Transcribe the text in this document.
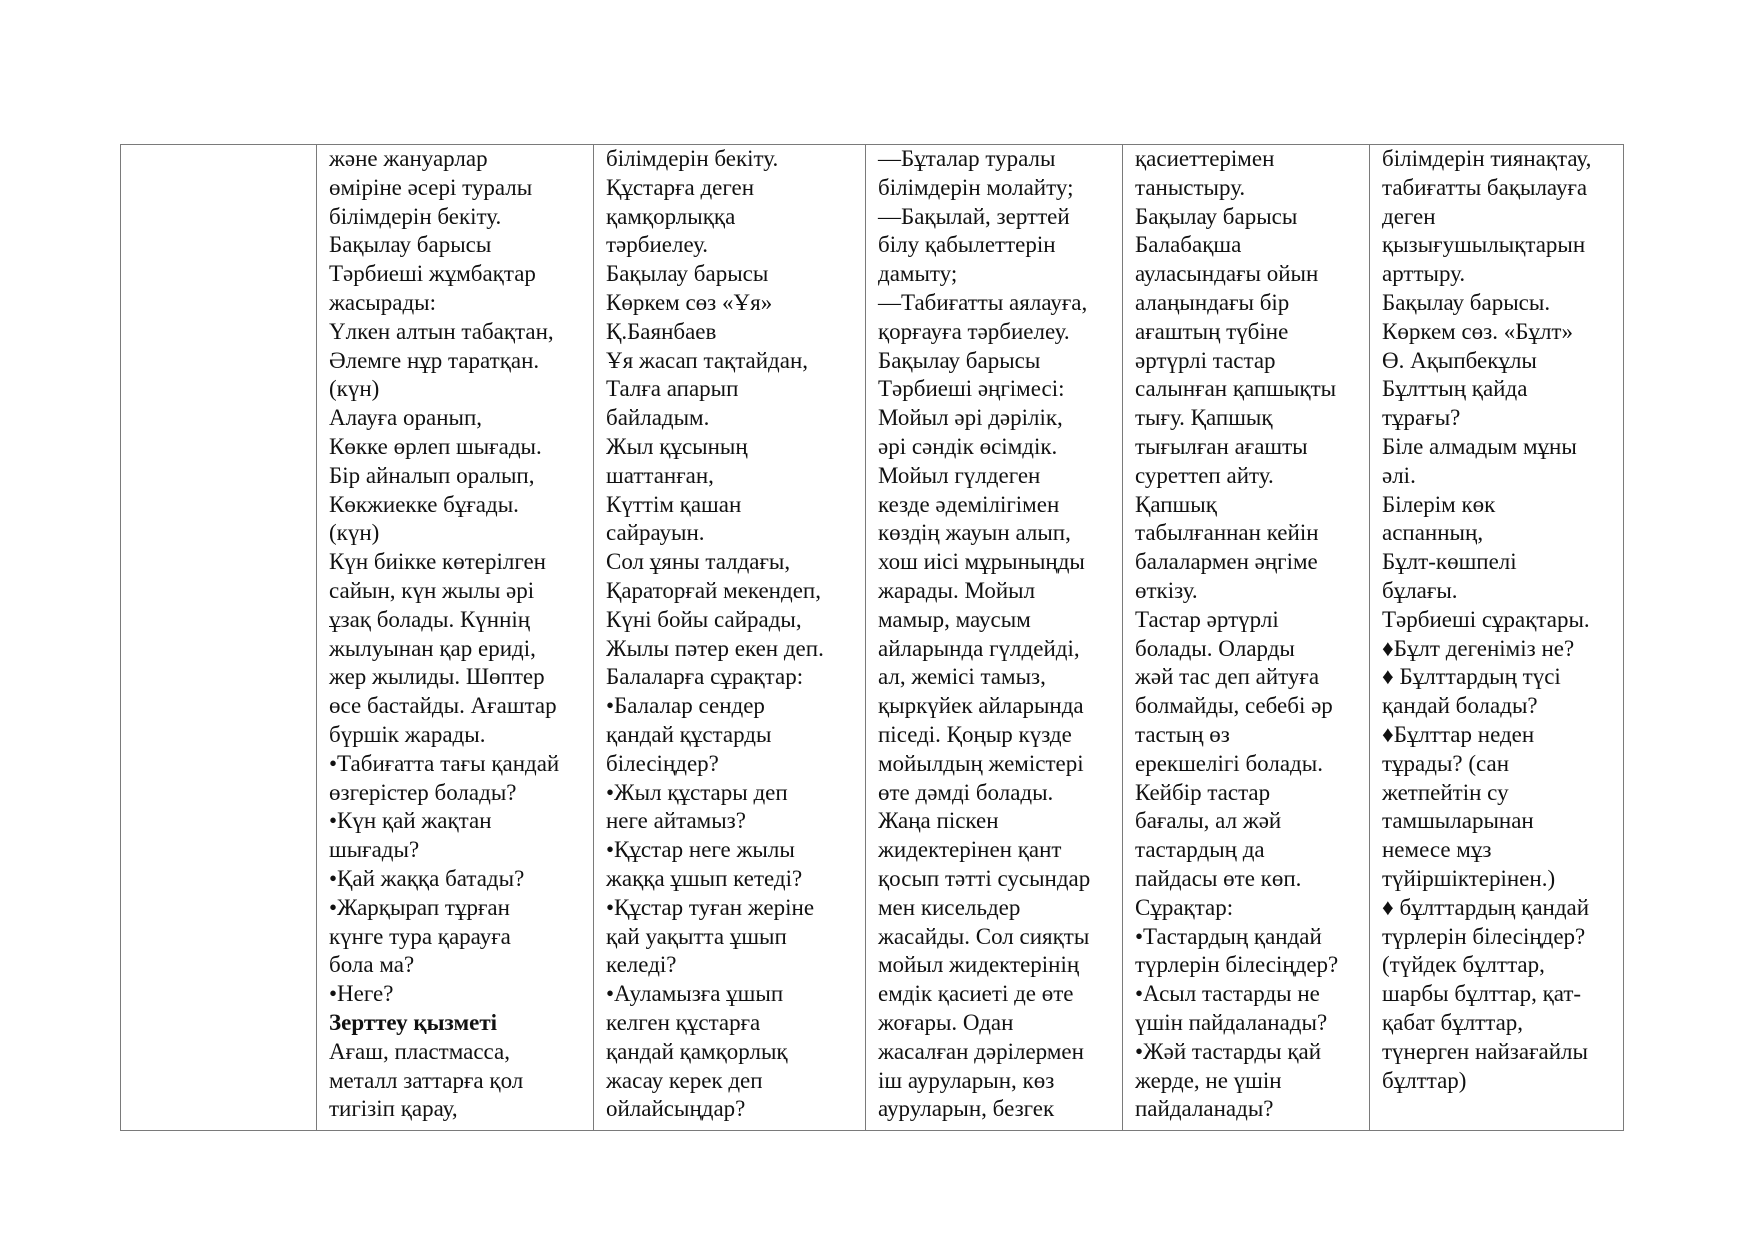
және жануарлар
өміріне әсері туралы
білімдерін бекіту.
Бақылау барысы
Тәрбиеші жұмбақтар
жасырады:
Үлкен алтын табақтан,
Әлемге нұр таратқан.
(күн)
Алауға оранып,
Көкке өрлеп шығады.
Бір айналып оралып,
Көкжиекке бұғады.
(күн)
Күн биікке көтерілген
сайын, күн жылы әрі
ұзақ болады. Күннің
жылуынан қар ериді,
жер жылиды. Шөптер
өсе бастайды. Ағаштар
бүршік жарады.
•Табиғатта тағы қандай
өзгерістер болады?
•Күн қай жақтан
шығады?
•Қай жаққа батады?
•Жарқырап тұрған
күнге тура қарауға
бола ма?
•Неге?
Зерттеу қызметі
Ағаш, пластмасса,
металл заттарға қол
тигізіп қарау,

білімдерін бекіту.
Құстарға деген
қамқорлыққа
тәрбиелеу.
Бақылау барысы
Көркем сөз «Ұя»
Қ.Баянбаев
Ұя жасап тақтайдан,
Талға апарып
байладым.
Жыл құсының
шаттанған,
Күттім қашан
сайрауын.
Сол ұяны талдағы,
Қараторғай мекендеп,
Күні бойы сайрады,
Жылы пәтер екен деп.
Балаларға сұрақтар:
•Балалар сендер
қандай құстарды
білесіңдер?
•Жыл құстары деп
неге айтамыз?
•Құстар неге жылы
жаққа ұшып кетеді?
•Құстар туған жеріне
қай уақытта ұшып
келеді?
•Ауламызға ұшып
келген құстарға
қандай қамқорлық
жасау керек деп
ойлайсыңдар?

—Бұталар туралы
білімдерін молайту;
—Бақылай, зерттей
білу қабылеттерін
дамыту;
—Табиғатты аялауға,
қорғауға тәрбиелеу.
Бақылау барысы
Тәрбиеші әңгімесі:
Мойыл әрі дәрілік,
әрі сәндік өсімдік.
Мойыл гүлдеген
кезде әдемілігімен
көздің жауын алып,
хош иісі мұрыныңды
жарады. Мойыл
мамыр, маусым
айларында гүлдейді,
ал, жемісі тамыз,
қыркүйек айларында
піседі. Қоңыр күзде
мойылдың жемістері
өте дәмді болады.
Жаңа піскен
жидектерінен қант
қосып тәтті сусындар
мен кисельдер
жасайды. Сол сияқты
мойыл жидектерінің
емдік қасиеті де өте
жоғары. Одан
жасалған дәрілермен
іш ауруларын, көз
ауруларын, безгек

қасиеттерімен
таныстыру.
Бақылау барысы
Балабақша
ауласындағы ойын
алаңындағы бір
ағаштың түбіне
әртүрлі тастар
салынған қапшықты
тығу. Қапшық
тығылған ағашты
суреттеп айту.
Қапшық
табылғаннан кейін
балалармен әңгіме
өткізу.
Тастар әртүрлі
болады. Оларды
жәй тас деп айтуға
болмайды, себебі әр
тастың өз
ерекшелігі болады.
Кейбір тастар
бағалы, ал жәй
тастардың да
пайдасы өте көп.
Сұрақтар:
•Тастардың қандай
түрлерін білесіңдер?
•Асыл тастарды не
үшін пайдаланады?
•Жәй тастарды қай
жерде, не үшін
пайдаланады?

білімдерін тиянақтау,
табиғатты бақылауға
деген
қызығушылықтарын
арттыру.
Бақылау барысы.
Көркем сөз. «Бұлт»
Ө. Ақыпбекұлы
Бұлттың қайда
тұрағы?
Біле алмадым мұны
әлі.
Білерім көк
аспанның,
Бұлт-көшпелі
бұлағы.
Тәрбиеші сұрақтары.
♦Бұлт дегеніміз не?
♦ Бұлттардың түсі
қандай болады?
♦Бұлттар неден
тұрады? (сан
жетпейтін су
тамшыларынан
немесе мұз
түйіршіктерінен.)
♦ бұлттардың қандай
түрлерін білесіңдер?
(түйдек бұлттар,
шарбы бұлттар, қат-
қабат бұлттар,
түнерген найзағайлы
бұлттар)
